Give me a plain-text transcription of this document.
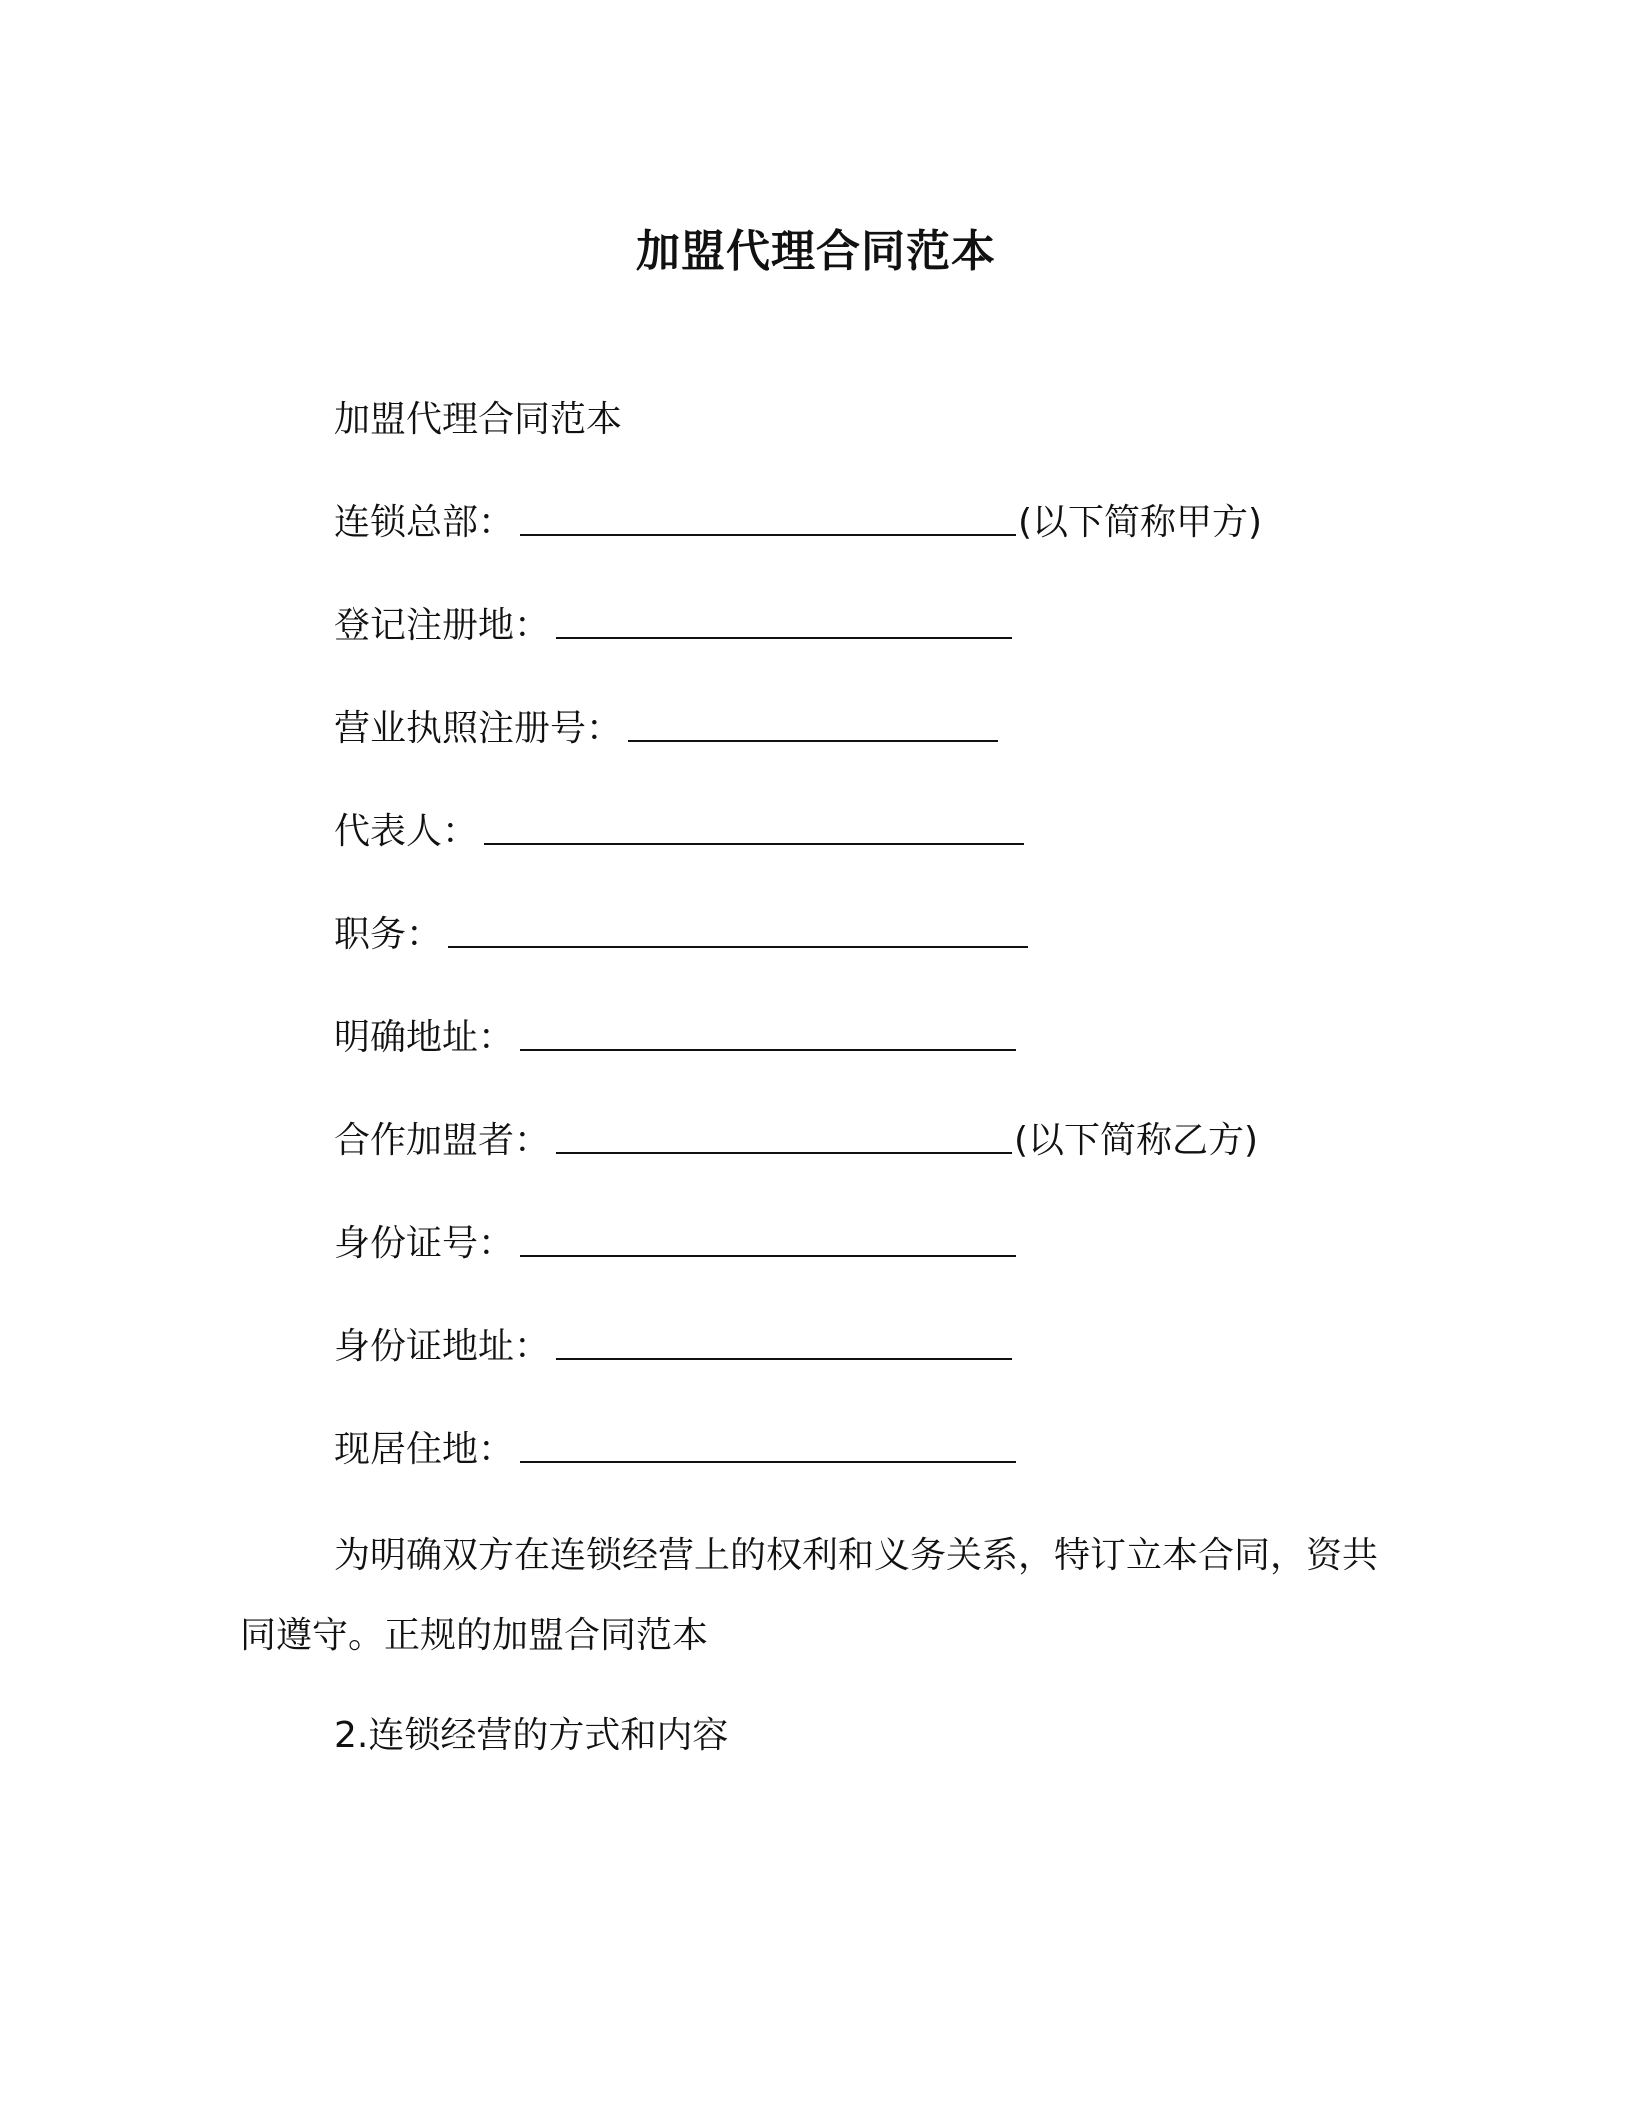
加盟代理合同范本
加盟代理合同范本
连锁总部：	(以下简称甲方)
登记注册地：
营业执照注册号：
代表人：
职务：
明确地址：
合作加盟者：	(以下简称乙方)
身份证号：
身份证地址：
现居住地：
为明确双方在连锁经营上的权利和义务关系，特订立本合同，资共同遵守。正规的加盟合同范本
2.连锁经营的方式和内容
